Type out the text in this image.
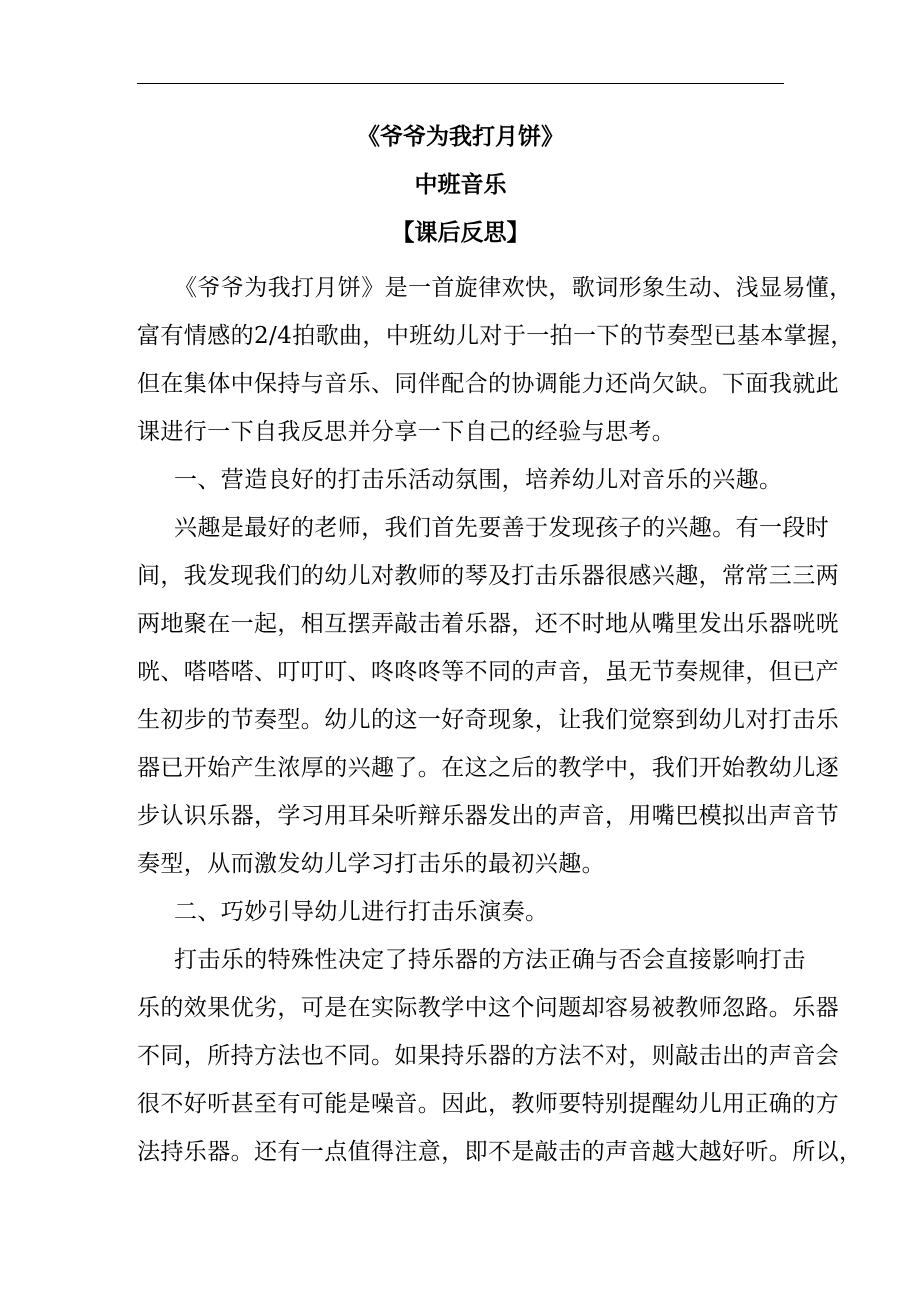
《爷爷为我打月饼》
中班音乐
【课后反思】
《爷爷为我打月饼》是一首旋律欢快，歌词形象生动、浅显易懂，
富有情感的2/4拍歌曲，中班幼儿对于一拍一下的节奏型已基本掌握，
但在集体中保持与音乐、同伴配合的协调能力还尚欠缺。下面我就此
课进行一下自我反思并分享一下自己的经验与思考。
一、营造良好的打击乐活动氛围，培养幼儿对音乐的兴趣。
兴趣是最好的老师，我们首先要善于发现孩子的兴趣。有一段时
间，我发现我们的幼儿对教师的琴及打击乐器很感兴趣，常常三三两
两地聚在一起，相互摆弄敲击着乐器，还不时地从嘴里发出乐器咣咣
咣、嗒嗒嗒、叮叮叮、咚咚咚等不同的声音，虽无节奏规律，但已产
生初步的节奏型。幼儿的这一好奇现象，让我们觉察到幼儿对打击乐
器已开始产生浓厚的兴趣了。在这之后的教学中，我们开始教幼儿逐
步认识乐器，学习用耳朵听辩乐器发出的声音，用嘴巴模拟出声音节
奏型，从而激发幼儿学习打击乐的最初兴趣。
二、巧妙引导幼儿进行打击乐演奏。
打击乐的特殊性决定了持乐器的方法正确与否会直接影响打击
乐的效果优劣，可是在实际教学中这个问题却容易被教师忽路。乐器
不同，所持方法也不同。如果持乐器的方法不对，则敲击出的声音会
很不好听甚至有可能是噪音。因此，教师要特别提醒幼儿用正确的方
法持乐器。还有一点值得注意，即不是敲击的声音越大越好听。所以，
